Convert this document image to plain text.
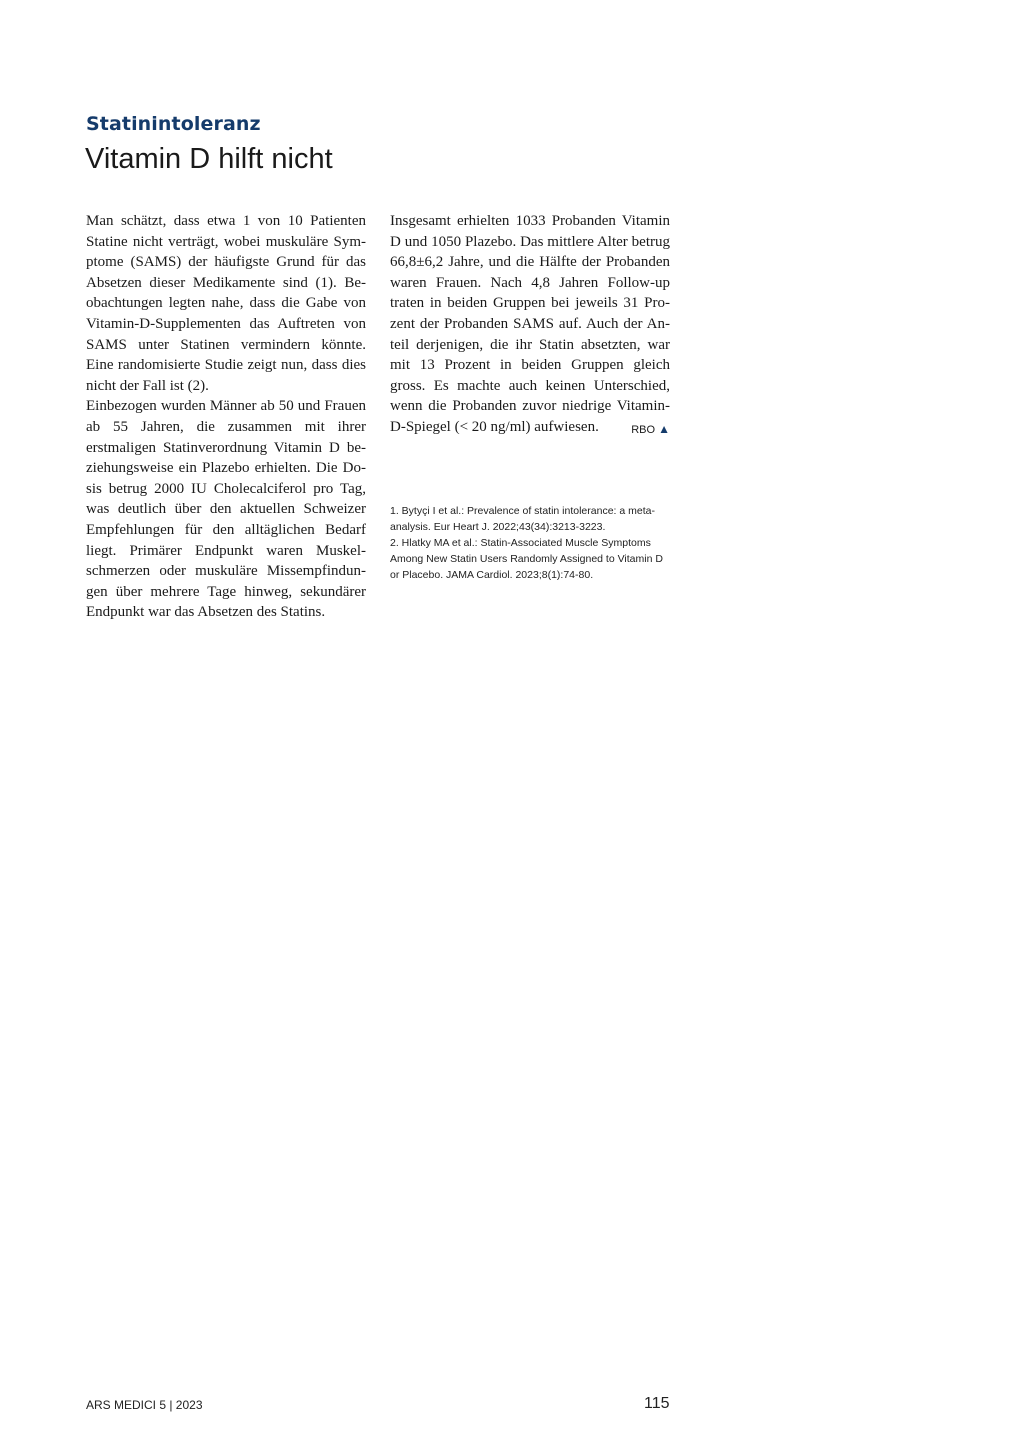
Statinintoleranz
Vitamin D hilft nicht

Man schätzt, dass etwa 1 von 10 Patienten Statine nicht verträgt, wobei muskuläre Symptome (SAMS) der häufigste Grund für das Absetzen dieser Medikamente sind (1). Beobachtungen legten nahe, dass die Gabe von Vitamin-D-Supplementen das Auftreten von SAMS unter Statinen vermindern könnte. Eine randomisierte Studie zeigt nun, dass dies nicht der Fall ist (2).

Einbezogen wurden Männer ab 50 und Frauen ab 55 Jahren, die zusammen mit ihrer erstmaligen Statinverordnung Vitamin D beziehungsweise ein Plazebo erhielten. Die Dosis betrug 2000 IU Cholecalciferol pro Tag, was deutlich über den aktuellen Schweizer Empfehlungen für den alltäglichen Bedarf liegt. Primärer Endpunkt waren Muskelschmerzen oder muskuläre Missempfindungen über mehrere Tage hinweg, sekundärer Endpunkt war das Absetzen des Statins.

Insgesamt erhielten 1033 Probanden Vitamin D und 1050 Plazebo. Das mittlere Alter betrug 66,8±6,2 Jahre, und die Hälfte der Probanden waren Frauen. Nach 4,8 Jahren Follow-up traten in beiden Gruppen bei jeweils 31 Prozent der Probanden SAMS auf. Auch der Anteil derjenigen, die ihr Statin absetzten, war mit 13 Prozent in beiden Gruppen gleich gross. Es machte auch keinen Unterschied, wenn die Probanden zuvor niedrige Vitamin-D-Spiegel (< 20 ng/ml) aufwiesen.	RBO ▲

1. Bytyçi I et al.: Prevalence of statin intolerance: a meta-analysis. Eur Heart J. 2022;43(34):3213-3223.

2. Hlatky MA et al.: Statin-Associated Muscle Symptoms Among New Statin Users Randomly Assigned to Vitamin D or Placebo. JAMA Cardiol. 2023;8(1):74-80.

ARS MEDICI 5 | 2023	115
